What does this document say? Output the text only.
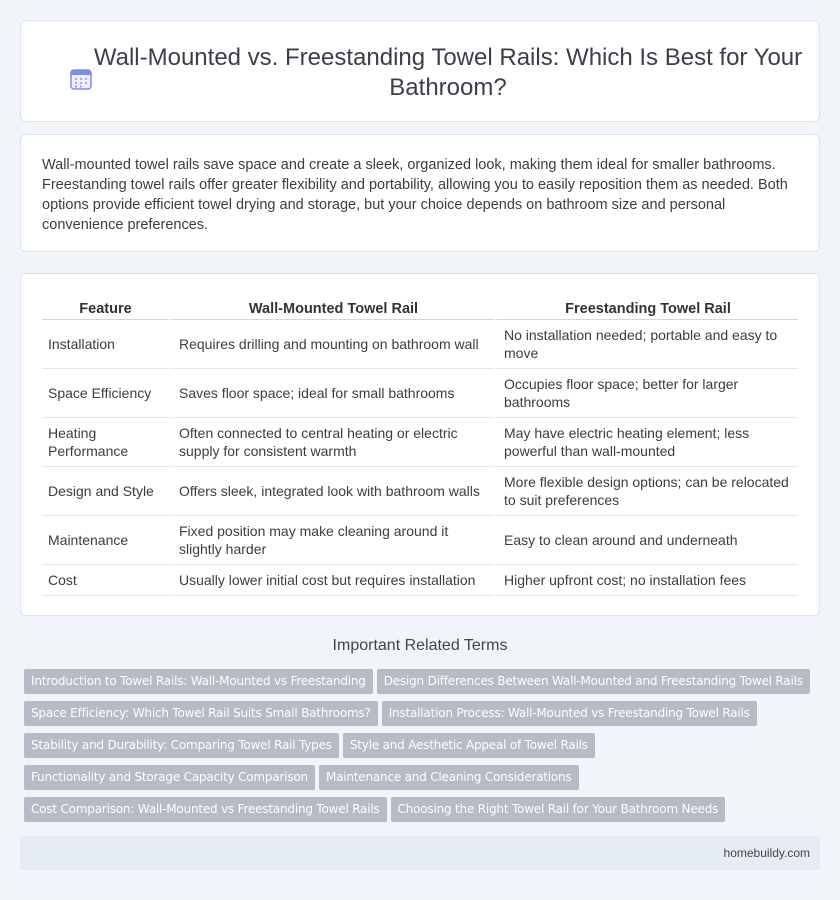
Wall-Mounted vs. Freestanding Towel Rails: Which Is Best for Your Bathroom?

Wall-mounted towel rails save space and create a sleek, organized look, making them ideal for smaller bathrooms. Freestanding towel rails offer greater flexibility and portability, allowing you to easily reposition them as needed. Both options provide efficient towel drying and storage, but your choice depends on bathroom size and personal convenience preferences.

Feature	Wall-Mounted Towel Rail	Freestanding Towel Rail
Installation	Requires drilling and mounting on bathroom wall	No installation needed; portable and easy to move
Space Efficiency	Saves floor space; ideal for small bathrooms	Occupies floor space; better for larger bathrooms
Heating Performance	Often connected to central heating or electric supply for consistent warmth	May have electric heating element; less powerful than wall-mounted
Design and Style	Offers sleek, integrated look with bathroom walls	More flexible design options; can be relocated to suit preferences
Maintenance	Fixed position may make cleaning around it slightly harder	Easy to clean around and underneath
Cost	Usually lower initial cost but requires installation	Higher upfront cost; no installation fees
Important Related Terms
Introduction to Towel Rails: Wall-Mounted vs Freestanding Design Differences Between Wall-Mounted and Freestanding Towel Rails
Space Efficiency: Which Towel Rail Suits Small Bathrooms? Installation Process: Wall-Mounted vs Freestanding Towel Rails
Stability and Durability: Comparing Towel Rail Types Style and Aesthetic Appeal of Towel Rails
Functionality and Storage Capacity Comparison Maintenance and Cleaning Considerations
Cost Comparison: Wall-Mounted vs Freestanding Towel Rails Choosing the Right Towel Rail for Your Bathroom Needs
homebuildy.com
